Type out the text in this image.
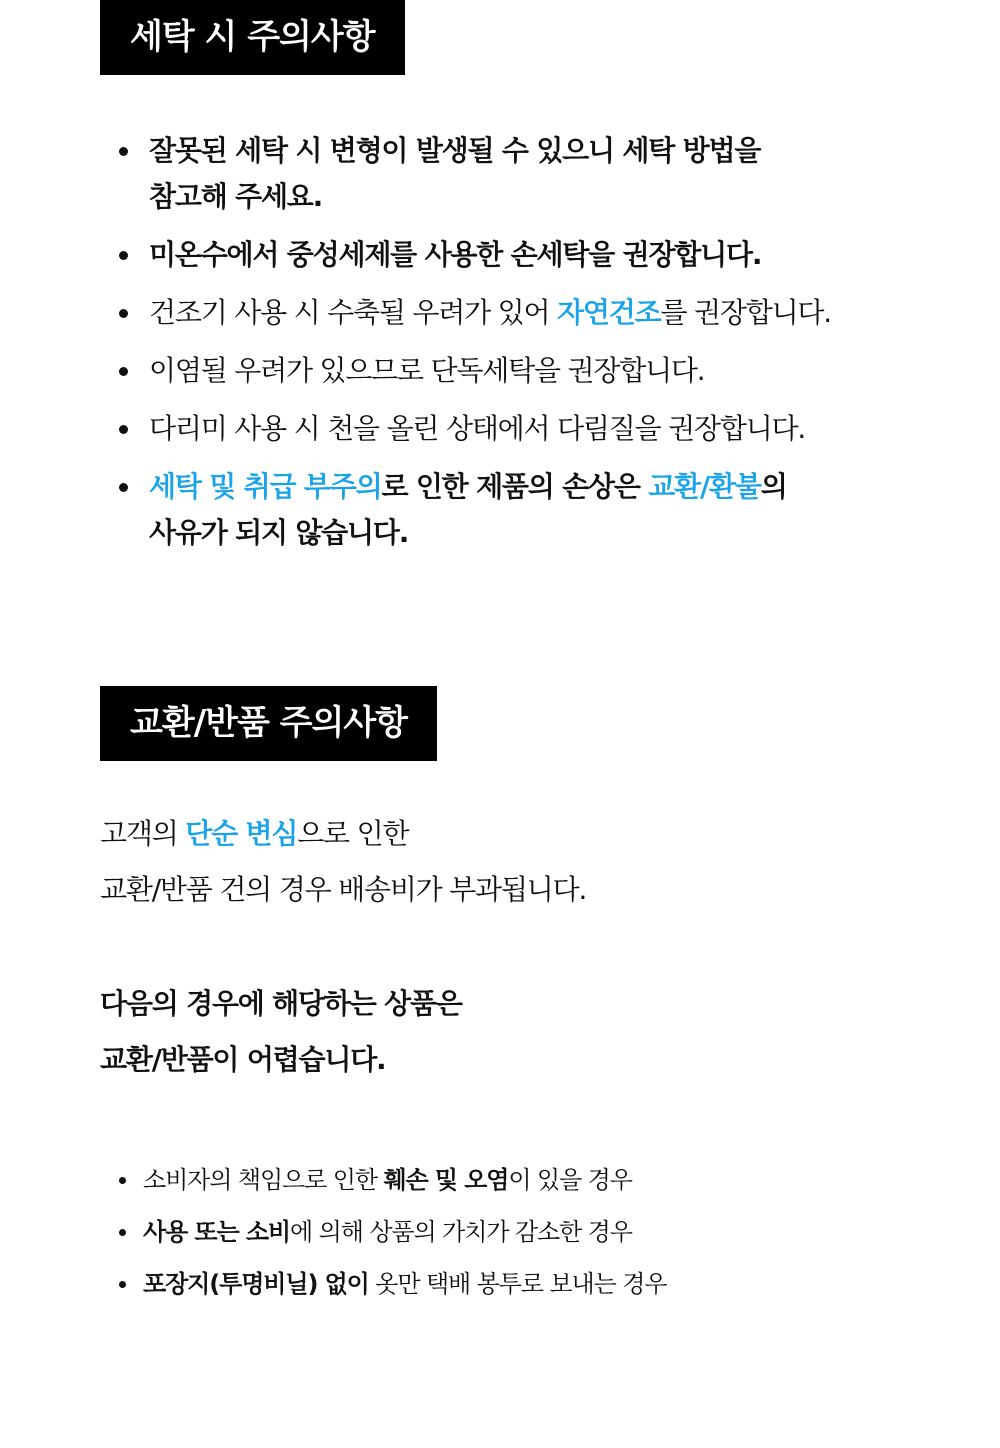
세탁 시 주의사항
잘못된 세탁 시 변형이 발생될 수 있으니 세탁 방법을
참고해 주세요.
미온수에서 중성세제를 사용한 손세탁을 권장합니다.
건조기 사용 시 수축될 우려가 있어 자연건조를 권장합니다.
이염될 우려가 있으므로 단독세탁을 권장합니다.
다리미 사용 시 천을 올린 상태에서 다림질을 권장합니다.
세탁 및 취급 부주의로 인한 제품의 손상은 교환/환불의
사유가 되지 않습니다.
교환/반품 주의사항
고객의 단순 변심으로 인한
교환/반품 건의 경우 배송비가 부과됩니다.
다음의 경우에 해당하는 상품은
교환/반품이 어렵습니다.
소비자의 책임으로 인한 훼손 및 오염이 있을 경우
사용 또는 소비에 의해 상품의 가치가 감소한 경우
포장지(투명비닐) 없이 옷만 택배 봉투로 보내는 경우
